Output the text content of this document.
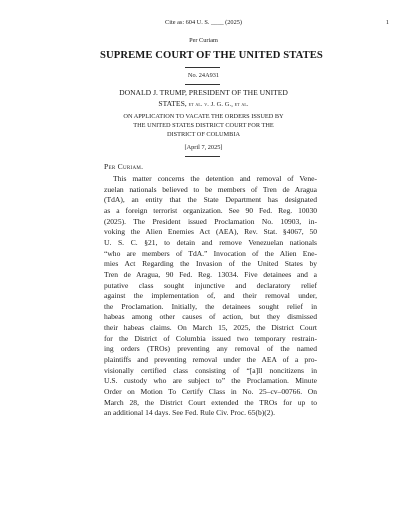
Cite as: 604 U. S. ____ (2025)	1
Per Curiam
SUPREME COURT OF THE UNITED STATES
No. 24A931
DONALD J. TRUMP, PRESIDENT OF THE UNITED
STATES, et al. v. J. G. G., et al.
ON APPLICATION TO VACATE THE ORDERS ISSUED BY
THE UNITED STATES DISTRICT COURT FOR THE
DISTRICT OF COLUMBIA
[April 7, 2025]
Per Curiam.
This matter concerns the detention and removal of Vene-
zuelan nationals believed to be members of Tren de Aragua
(TdA), an entity that the State Department has designated
as a foreign terrorist organization. See 90 Fed. Reg. 10030
(2025). The President issued Proclamation No. 10903, in-
voking the Alien Enemies Act (AEA), Rev. Stat. §4067, 50
U. S. C. §21, to detain and remove Venezuelan nationals
“who are members of TdA.” Invocation of the Alien Ene-
mies Act Regarding the Invasion of the United States by
Tren de Aragua, 90 Fed. Reg. 13034. Five detainees and a
putative class sought injunctive and declaratory relief
against the implementation of, and their removal under,
the Proclamation. Initially, the detainees sought relief in
habeas among other causes of action, but they dismissed
their habeas claims. On March 15, 2025, the District Court
for the District of Columbia issued two temporary restrain-
ing orders (TROs) preventing any removal of the named
plaintiffs and preventing removal under the AEA of a pro-
visionally certified class consisting of “[a]ll noncitizens in
U.S. custody who are subject to” the Proclamation. Minute
Order on Motion To Certify Class in No. 25–cv–00766. On
March 28, the District Court extended the TROs for up to
an additional 14 days. See Fed. Rule Civ. Proc. 65(b)(2).
